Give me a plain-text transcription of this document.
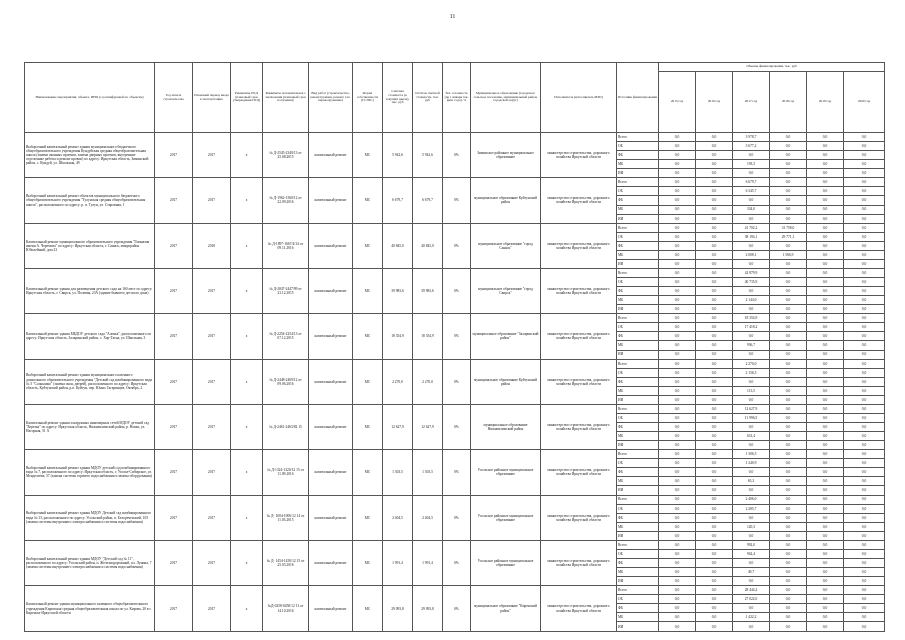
11
Наименование мероприятия, объекта, ИНО (с расшифровкой по объектам)	Год начала строительства	Плановый период ввода в эксплуатацию	Реквизиты ПСД (плановый срок утверждения ПСД)	Реквизиты положительного заключения (плановый срок получения)	Вид работ (строительство, реконструкция, ремонт, тех. перевооружение)	Форма собственности (ГС/МС)	Сметная стоимость (в текущих ценах), тыс. руб	Остаток сметной стоимости, тыс. руб	Тех. готовность (на 1 января тек. фин. года), %	Муниципальное образование (городское/сельское поселение, муниципальный район, городской округ)	Исполнитель (исполнитель МЗП)	Источник финансирования	Объемы финансирования, тыс. руб					
													2015 год	2016 год	2017 год	2018 год	2019 год	2020 год
Выборочный капитальный ремонт здания муниципального бюджетного общеобразовательного учреждения Кундуйская средняя общеобразовательная школа (замена оконных проемов, замена дверных проемов, внутренние отделочные работы и ремонт кровли) по адресу: Иркутская область, Зиминский район, с. Кундуй, ул. Школьная, 49	2017	2017	х	№ Д-2545-2340/13 от 25.08.2015	капитальный ремонт	МС	5 942,6	5 942,6	0%	Зиминское районное муниципальное образование	министерство строительства, дорожного хозяйства Иркутской области	Всего	0,0	0,0	3 978,7	0,0	0,0	0,0
												ОБ	0,0	0,0	3 677,2	0,0	0,0	0,0
												ФБ	0,0	0,0	0,0	0,0	0,0	0,0
												МБ	0,0	0,0	193,5	0,0	0,0	0,0
												ИИ	0,0	0,0	0,0	0,0	0,0	0,0
Выборочный капитальный ремонт объектов муниципального бюджетного общеобразовательного учреждения "Тулунская средняя общеобразовательная школа", расположенного по адресу: р. п. Тулун, ул. Старовная, 1	2017	2017	х	№ Д-1962-1560/12 от 22.09.2016	капитальный ремонт	МС	6 679,7	6 679,7	0%	муниципальное образование Куйтунский район	министерство строительства, дорожного хозяйства Иркутской области	Всего	0,0	0,0	6 679,7	0,0	0,0	0,0
												ОБ	0,0	0,0	6 345,7	0,0	0,0	0,0
												ФБ	0,0	0,0	0,0	0,0	0,0	0,0
												МБ	0,0	0,0	334,0	0,0	0,0	0,0
												ИИ	0,0	0,0	0,0	0,0	0,0	0,0
Капитальный ремонт муниципального образовательного учреждения "Гимназия имени А. Черемова" по адресу: Иркутская область, г. Саянск, микрорайон Юбилейный, дом 23	2017	2018	х	№ Д-1897-1667/4/14 от 09.11.2016	капитальный ремонт	МС	40 845,0	40 845,0	0%	муниципальное образование "город Саянск"	министерство строительства, дорожного хозяйства Иркутской области	Всего	0,0	0,0	41 702,2	31 758,0	0,0	0,0
												ОБ	0,0	0,0	38 194,1	29 771,1	0,0	0,0
												ФБ	0,0	0,0	0,0	0,0	0,0	0,0
												МБ	0,0	0,0	2 008,1	1 566,9	0,0	0,0
												ИИ	0,0	0,0	0,0	0,0	0,0	0,0
Капитальный ремонт здания для размещения детского сада на 160 мест по адресу: Иркутская область, г. Свирск, ул. Полевая, 23А (здание бывшего детского дома)	2017	2017	х	№ Д-2847-2447/99 от 23.12.2015	капитальный ремонт	МС	39 983,6	39 983,6	0%	муниципальное образование "город Свирск"	министерство строительства, дорожного хозяйства Иркутской области	Всего	0,0	0,0	42 879,9	0,0	0,0	0,0
												ОБ	0,0	0,0	40 735,9	0,0	0,0	0,0
												ФБ	0,0	0,0	0,0	0,0	0,0	0,0
												МБ	0,0	0,0	2 144,0	0,0	0,0	0,0
												ИИ	0,0	0,0	0,0	0,0	0,0	0,0
Капитальный ремонт здания МБДОУ детского сада "Аленка", расположенного по адресу: Иркутская область, Заларинский район, с. Хор-Тагна, ул. Школьная, 3	2017	2017	х	№ Д-2254-2254/13 от 07.12.2015	капитальный ремонт	МС	18 354,9	18 354,9	0%	муниципальное образование "Заларинский район"	министерство строительства, дорожного хозяйства Иркутской области	Всего	0,0	0,0	18 354,9	0,0	0,0	0,0
												ОБ	0,0	0,0	17 418,2	0,0	0,0	0,0
												ФБ	0,0	0,0	0,0	0,0	0,0	0,0
												МБ	0,0	0,0	936,7	0,0	0,0	0,0
												ИИ	0,0	0,0	0,0	0,0	0,0	0,0
Выборочный капитальный ремонт здания муниципального казенного дошкольного образовательного учреждения "Детский сад комбинированного вида № 5 "Солнышко" (замена окон, дверей), расположенного по адресу: Иркутская область, Куйтунский район, р.п. Куйтун, пер. Юных Гагаринцев, Октябрь, 2	2017	2017	х	№ Д-2448-2469/12 от 09.06.2016	капитальный ремонт	МС	2 270,0	2 270,0	0%	муниципальное образование Куйтунский район	министерство строительства, дорожного хозяйства Иркутской области	Всего	0,0	0,0	2 270,0	0,0	0,0	0,0
												ОБ	0,0	0,0	2 156,5	0,0	0,0	0,0
												ФБ	0,0	0,0	0,0	0,0	0,0	0,0
												МБ	0,0	0,0	113,5	0,0	0,0	0,0
												ИИ	0,0	0,0	0,0	0,0	0,0	0,0
Капитальный ремонт здания и наружных инженерных сетей МДОУ детский сад "Березка" по адресу: Иркутская область, Нижнеилимский район, р. Новая, ул. Нагорная, 51 А	2017	2017	х	№ Д-2461-2463/82 15	капитальный ремонт	МС	12 627,9	12 627,9	0%	муниципальное образование Нижнеилимский район	министерство строительства, дорожного хозяйства Иркутской области	Всего	0,0	0,0	12 627,9	0,0	0,0	0,0
												ОБ	0,0	0,0	11 996,5	0,0	0,0	0,0
												ФБ	0,0	0,0	0,0	0,0	0,0	0,0
												МБ	0,0	0,0	631,4	0,0	0,0	0,0
												ИИ	0,0	0,0	0,0	0,0	0,0	0,0
Выборочный капитальный ремонт здания МДОУ детский сад комбинированного вида № 7, расположенного по адресу: Иркутская область, г. Усолье-Сибирское, ул. Менделеева, 57 (замена системы горячего водоснабжения и замена оборудования)	2017	2017	х	№ Д-1324-1320/12 15 от 11.09.2016	капитальный ремонт	МС	1 303,5	1 303,5	0%	Усольское районное муниципальное образование	министерство строительства, дорожного хозяйства Иркутской области	Всего	0,0	0,0	1 306,5	0,0	0,0	0,0
												ОБ	0,0	0,0	1 240,9	0,0	0,0	0,0
												ФБ	0,0	0,0	0,0	0,0	0,0	0,0
												МБ	0,0	0,0	65,3	0,0	0,0	0,0
												ИИ	0,0	0,0	0,0	0,0	0,0	0,0
Выборочный капитальный ремонт здания МДОУ Детский сад комбинированного вида № 13, расположенного по адресу: Усольский район, п. Белореченский, 103 (замена системы внутреннего электроснабжения и системы водоснабжения)	2017	2017	х	№ Д- 1004-1006/12 14 от 11.03.2015	капитальный ремонт	МС	2 404,5	2 404,5	0%	Усольское районное муниципальное образование	министерство строительства, дорожного хозяйства Иркутской области	Всего	0,0	0,0	2 406,0	0,0	0,0	0,0
												ОБ	0,0	0,0	2 285,7	0,0	0,0	0,0
												ФБ	0,0	0,0	0,0	0,0	0,0	0,0
												МБ	0,0	0,0	120,3	0,0	0,0	0,0
												ИИ	0,0	0,0	0,0	0,0	0,0	0,0
Выборочный капитальный ремонт здания МДОУ "Детский сад № 11", расположенного по адресу: Усольский район, п. Железнодорожный, пл. Лунина, 7 (замена системы внутреннего электроснабжения и системы водоснабжения)	2017	2017	х	№ Д- 1454-1450/12 15 от 25.03.2016	капитальный ремонт	МС	1 991,4	1 991,4	0%	Усольское районное муниципальное образование	министерство строительства, дорожного хозяйства Иркутской области	Всего	0,0	0,0	992,0	0,0	0,0	0,0
												ОБ	0,0	0,0	942,4	0,0	0,0	0,0
												ФБ	0,0	0,0	0,0	0,0	0,0	0,0
												МБ	0,0	0,0	49,7	0,0	0,0	0,0
												ИИ	0,0	0,0	0,0	0,0	0,0	0,0
Капитальный ремонт здания муниципального казенного общеобразовательного учреждения Кировская средняя общеобразовательная школа по ул. Кирова, 20 в г. Киренске Иркутской области	2017	2017	х	№Д-0258-0450/12 13 от 14.10.2016	капитальный ремонт	МС	29 093,8	29 093,8	0%	муниципальное образование "Киренский район"	министерство строительства, дорожного хозяйства Иркутской области	Всего	0,0	0,0	28 444,2	0,0	0,0	0,0
												ОБ	0,0	0,0	27 022,0	0,0	0,0	0,0
												ФБ	0,0	0,0	0,0	0,0	0,0	0,0
												МБ	0,0	0,0	1 422,2	0,0	0,0	0,0
												ИИ	0,0	0,0	0,0	0,0	0,0	0,0
